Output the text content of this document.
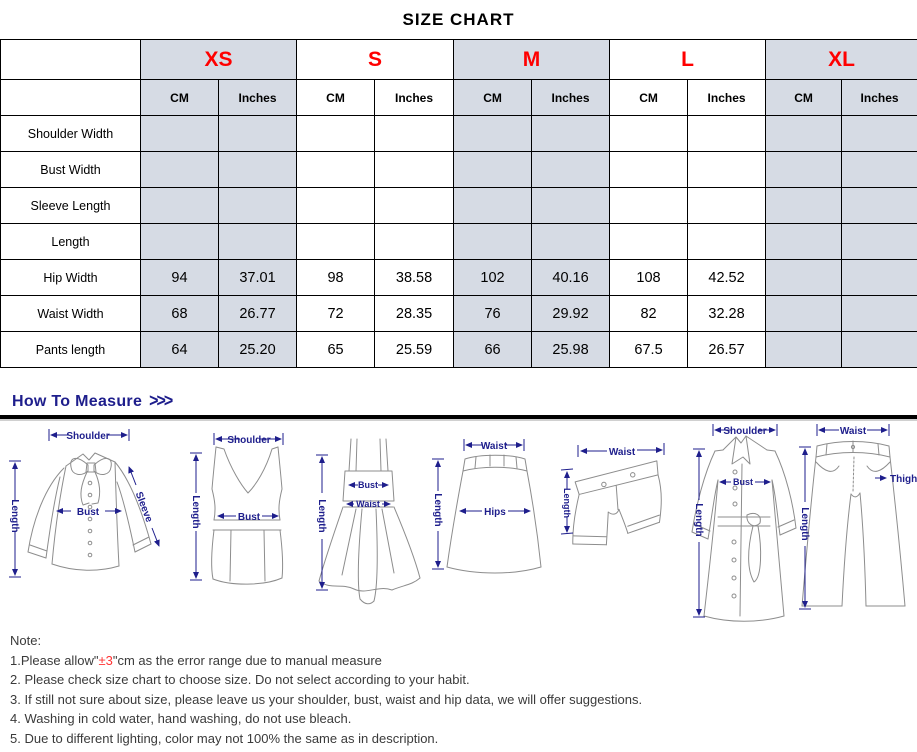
SIZE CHART
	XS		S		M		L		XL	
	CM	Inches	CM	Inches	CM	Inches	CM	Inches	CM	Inches
Shoulder Width										
Bust Width										
Sleeve Length										
Length										
Hip Width	94	37.01	98	38.58	102	40.16	108	42.52		
Waist Width	68	26.77	72	28.35	76	29.92	82	32.28		
Pants length	64	25.20	65	25.59	66	25.98	67.5	26.57		
How To Measure >>>
Shoulder
Length	Bust	Sleeve
Shoulder
Length	Bust	Length
Bust
Waist
Waist
Length	Hips
Waist
Length
Shoulder
Length
Bust
Waist
Length
Thigh
Note:
1.Please allow"±3"cm as the error range due to manual measure
2. Please check size chart to choose size. Do not select according to your habit.
3. If still not sure about size, please leave us your shoulder, bust, waist and hip data, we will offer suggestions.
4. Washing in cold water, hand washing, do not use bleach.
5. Due to different lighting, color may not 100% the same as in description.
